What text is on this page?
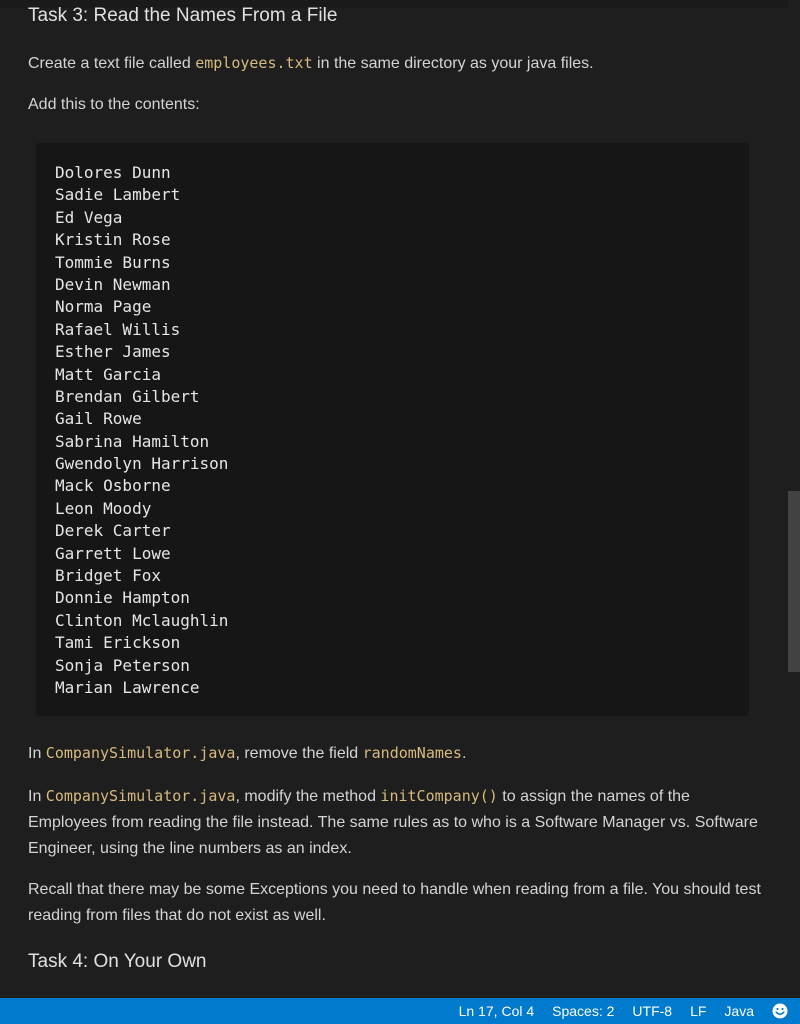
Task 3: Read the Names From a File

Create a text file called employees.txt in the same directory as your java files.

Add this to the contents:

Dolores Dunn
Sadie Lambert
Ed Vega
Kristin Rose
Tommie Burns
Devin Newman
Norma Page
Rafael Willis
Esther James
Matt Garcia
Brendan Gilbert
Gail Rowe
Sabrina Hamilton
Gwendolyn Harrison
Mack Osborne
Leon Moody
Derek Carter
Garrett Lowe
Bridget Fox
Donnie Hampton
Clinton Mclaughlin
Tami Erickson
Sonja Peterson
Marian Lawrence

In CompanySimulator.java, remove the field randomNames.

In CompanySimulator.java, modify the method initCompany() to assign the names of the Employees from reading the file instead. The same rules as to who is a Software Manager vs. Software Engineer, using the line numbers as an index.

Recall that there may be some Exceptions you need to handle when reading from a file. You should test reading from files that do not exist as well.

Task 4: On Your Own
Ln 17, Col 4 Spaces: 2 UTF-8 LF Java
